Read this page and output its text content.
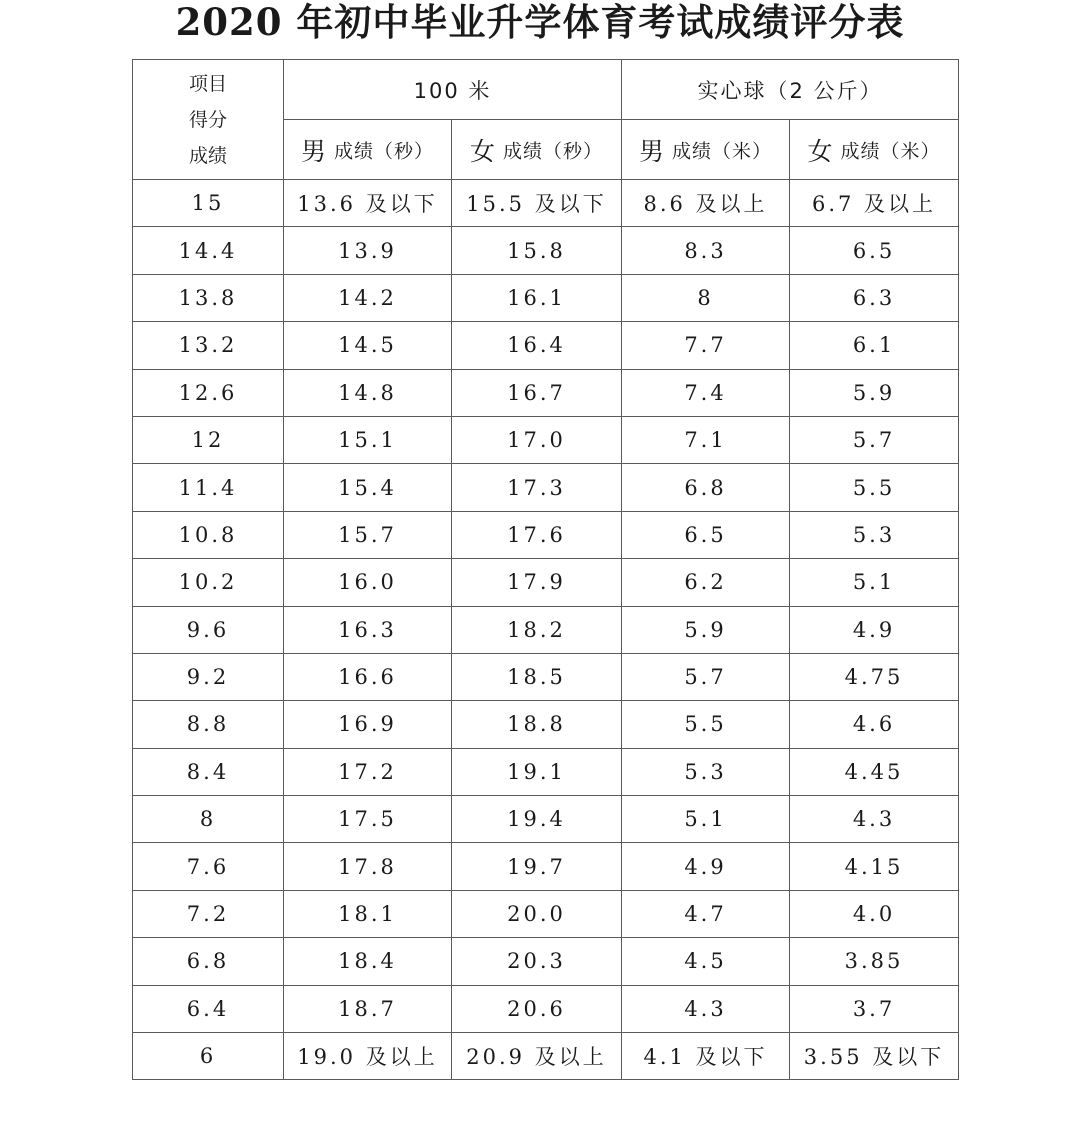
2020 年初中毕业升学体育考试成绩评分表
项目
得分
成绩	100 米		实心球（2 公斤）	
	男 成绩（秒）	女 成绩（秒）	男 成绩（米）	女 成绩（米）
15	13.6 及以下	15.5 及以下	8.6 及以上	6.7 及以上
14.4	13.9	15.8	8.3	6.5
13.8	14.2	16.1	8	6.3
13.2	14.5	16.4	7.7	6.1
12.6	14.8	16.7	7.4	5.9
12	15.1	17.0	7.1	5.7
11.4	15.4	17.3	6.8	5.5
10.8	15.7	17.6	6.5	5.3
10.2	16.0	17.9	6.2	5.1
9.6	16.3	18.2	5.9	4.9
9.2	16.6	18.5	5.7	4.75
8.8	16.9	18.8	5.5	4.6
8.4	17.2	19.1	5.3	4.45
8	17.5	19.4	5.1	4.3
7.6	17.8	19.7	4.9	4.15
7.2	18.1	20.0	4.7	4.0
6.8	18.4	20.3	4.5	3.85
6.4	18.7	20.6	4.3	3.7
6	19.0 及以上	20.9 及以上	4.1 及以下	3.55 及以下
